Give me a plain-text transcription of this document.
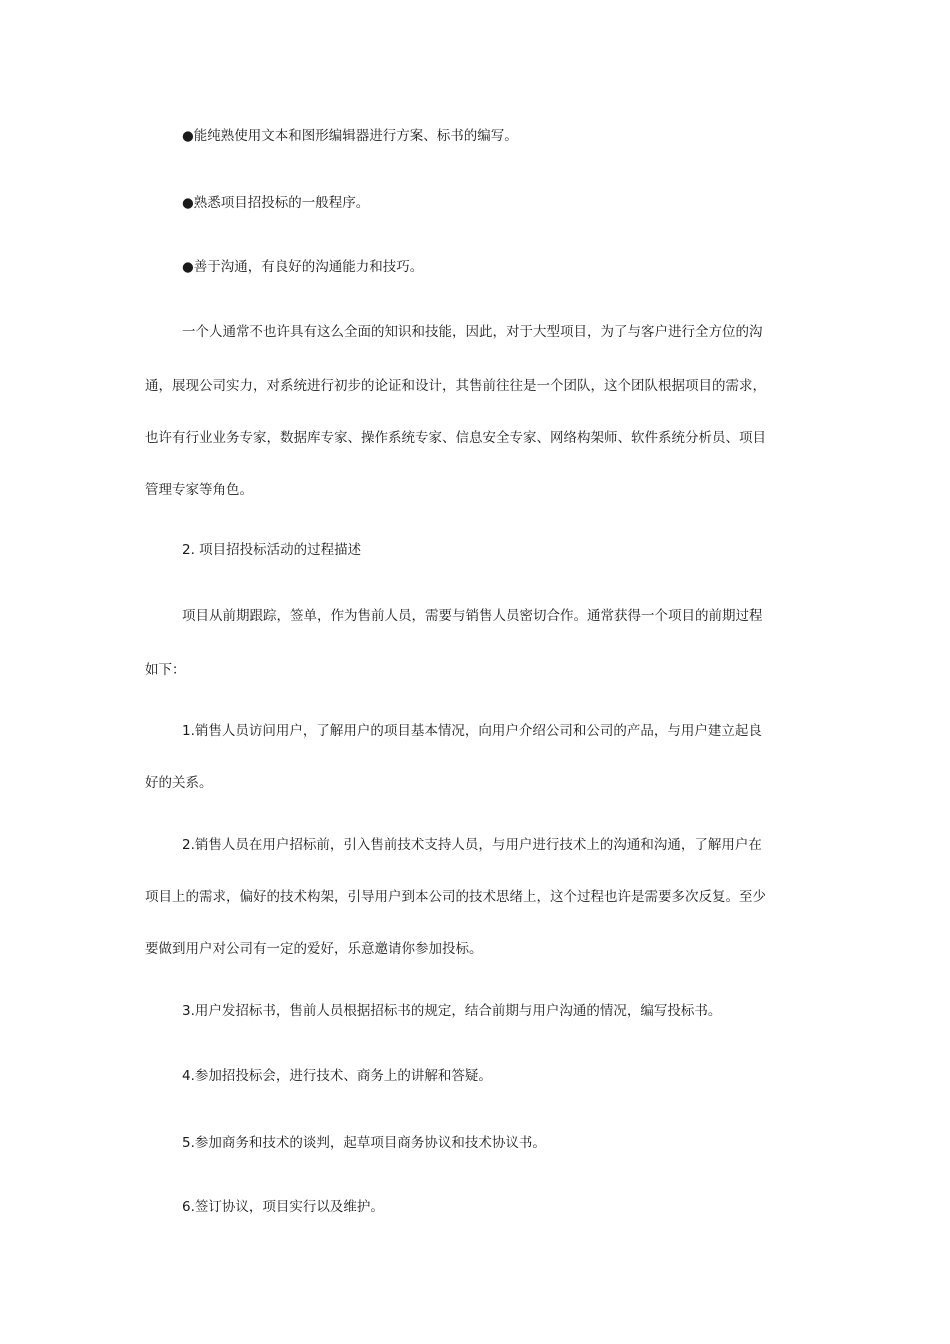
●能纯熟使用文本和图形编辑器进行方案、标书的编写。
●熟悉项目招投标的一般程序。
●善于沟通，有良好的沟通能力和技巧。
一个人通常不也许具有这么全面的知识和技能，因此，对于大型项目，为了与客户进行全方位的沟
通，展现公司实力，对系统进行初步的论证和设计，其售前往往是一个团队，这个团队根据项目的需求，
也许有行业业务专家，数据库专家、操作系统专家、信息安全专家、网络构架师、软件系统分析员、项目
管理专家等角色。
2. 项目招投标活动的过程描述
项目从前期跟踪，签单，作为售前人员，需要与销售人员密切合作。通常获得一个项目的前期过程
如下：
1.销售人员访问用户，了解用户的项目基本情况，向用户介绍公司和公司的产品，与用户建立起良
好的关系。
2.销售人员在用户招标前，引入售前技术支持人员，与用户进行技术上的沟通和沟通，了解用户在
项目上的需求，偏好的技术构架，引导用户到本公司的技术思绪上，这个过程也许是需要多次反复。至少
要做到用户对公司有一定的爱好，乐意邀请你参加投标。
3.用户发招标书，售前人员根据招标书的规定，结合前期与用户沟通的情况，编写投标书。
4.参加招投标会，进行技术、商务上的讲解和答疑。
5.参加商务和技术的谈判，起草项目商务协议和技术协议书。
6.签订协议，项目实行以及维护。
